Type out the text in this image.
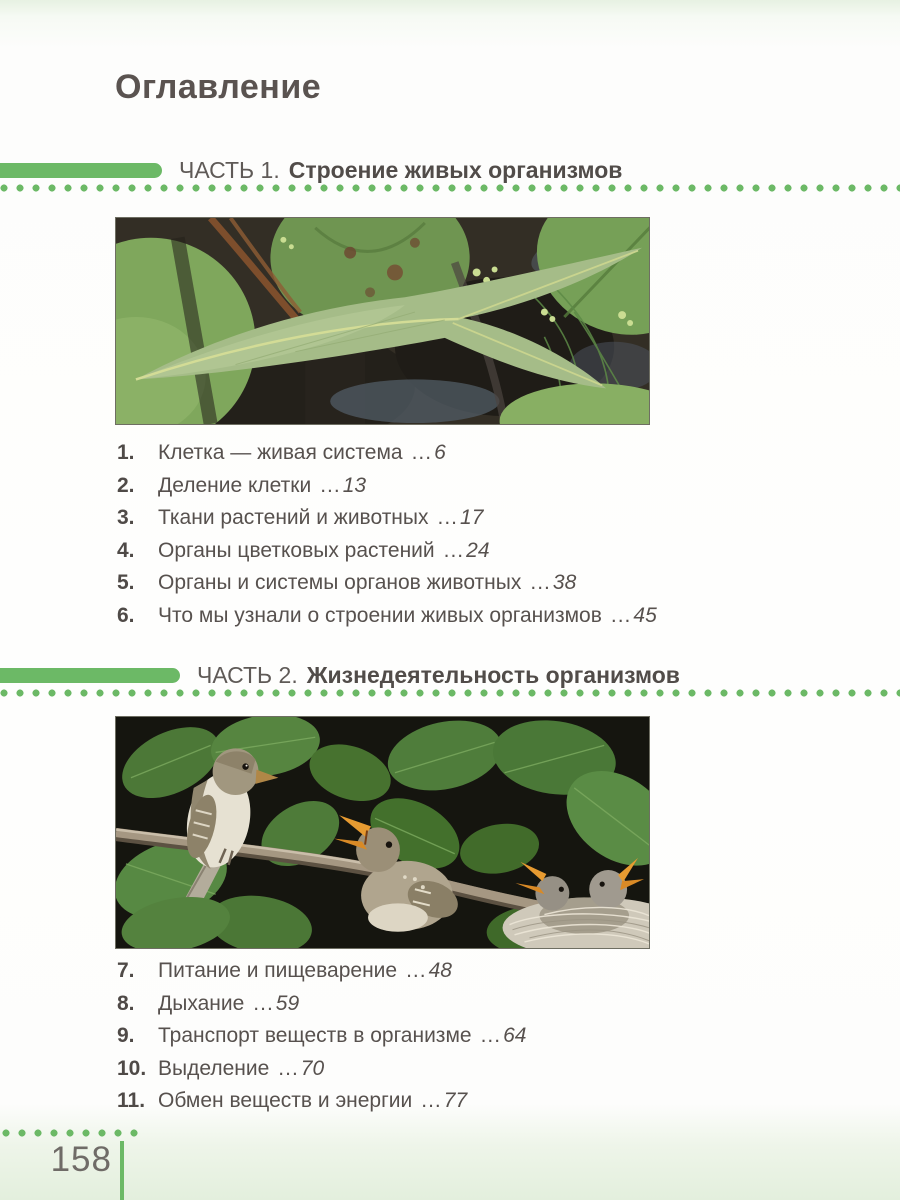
Оглавление
ЧАСТЬ 1. Строение живых организмов
1.	Клетка — живая система ... 6
2.	Деление клетки ... 13
3.	Ткани растений и животных ... 17
4.	Органы цветковых растений ... 24
5.	Органы и системы органов животных ... 38
6.	Что мы узнали о строении живых организмов ... 45
ЧАСТЬ 2. Жизнедеятельность организмов
7.	Питание и пищеварение ... 48
8.	Дыхание ... 59
9.	Транспорт веществ в организме ... 64
10. Выделение ... 70
11. Обмен веществ и энергии ... 77
158
